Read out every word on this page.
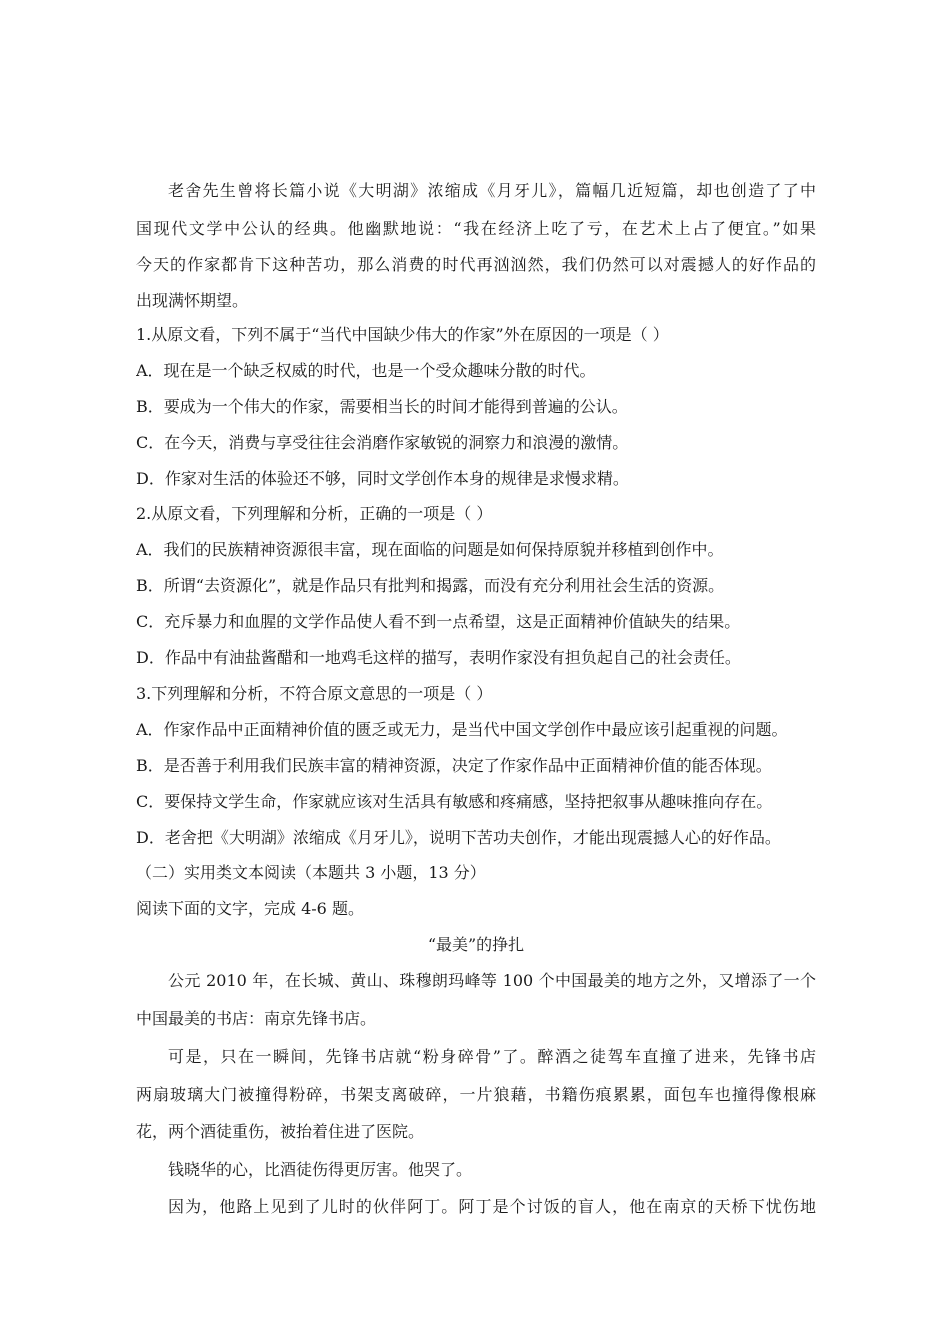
老舍先生曾将长篇小说《大明湖》浓缩成《月牙儿》，篇幅几近短篇，却也创造了了中
国现代文学中公认的经典。他幽默地说：“我在经济上吃了亏，在艺术上占了便宜。”如果
今天的作家都肯下这种苦功，那么消费的时代再汹汹然，我们仍然可以对震撼人的好作品的
出现满怀期望。
1.从原文看，下列不属于“当代中国缺少伟大的作家”外在原因的一项是（ ）
A．现在是一个缺乏权威的时代，也是一个受众趣味分散的时代。
B．要成为一个伟大的作家，需要相当长的时间才能得到普遍的公认。
C．在今天，消费与享受往往会消磨作家敏锐的洞察力和浪漫的激情。
D．作家对生活的体验还不够，同时文学创作本身的规律是求慢求精。
2.从原文看，下列理解和分析，正确的一项是（ ）
A．我们的民族精神资源很丰富，现在面临的问题是如何保持原貌并移植到创作中。
B．所谓“去资源化”，就是作品只有批判和揭露，而没有充分利用社会生活的资源。
C．充斥暴力和血腥的文学作品使人看不到一点希望，这是正面精神价值缺失的结果。
D．作品中有油盐酱醋和一地鸡毛这样的描写，表明作家没有担负起自己的社会责任。
3.下列理解和分析，不符合原文意思的一项是（ ）
A．作家作品中正面精神价值的匮乏或无力，是当代中国文学创作中最应该引起重视的问题。
B．是否善于利用我们民族丰富的精神资源，决定了作家作品中正面精神价值的能否体现。
C．要保持文学生命，作家就应该对生活具有敏感和疼痛感，坚持把叙事从趣味推向存在。
D．老舍把《大明湖》浓缩成《月牙儿》，说明下苦功夫创作，才能出现震撼人心的好作品。
（二）实用类文本阅读（本题共 3 小题，13 分）
阅读下面的文字，完成 4-6 题。
“最美”的挣扎
公元 2010 年，在长城、黄山、珠穆朗玛峰等 100 个中国最美的地方之外，又增添了一个
中国最美的书店：南京先锋书店。
可是，只在一瞬间，先锋书店就“粉身碎骨”了。醉酒之徒驾车直撞了进来，先锋书店
两扇玻璃大门被撞得粉碎，书架支离破碎，一片狼藉，书籍伤痕累累，面包车也撞得像根麻
花，两个酒徒重伤，被抬着住进了医院。
钱晓华的心，比酒徒伤得更厉害。他哭了。
因为，他路上见到了儿时的伙伴阿丁。阿丁是个讨饭的盲人，他在南京的天桥下忧伤地
